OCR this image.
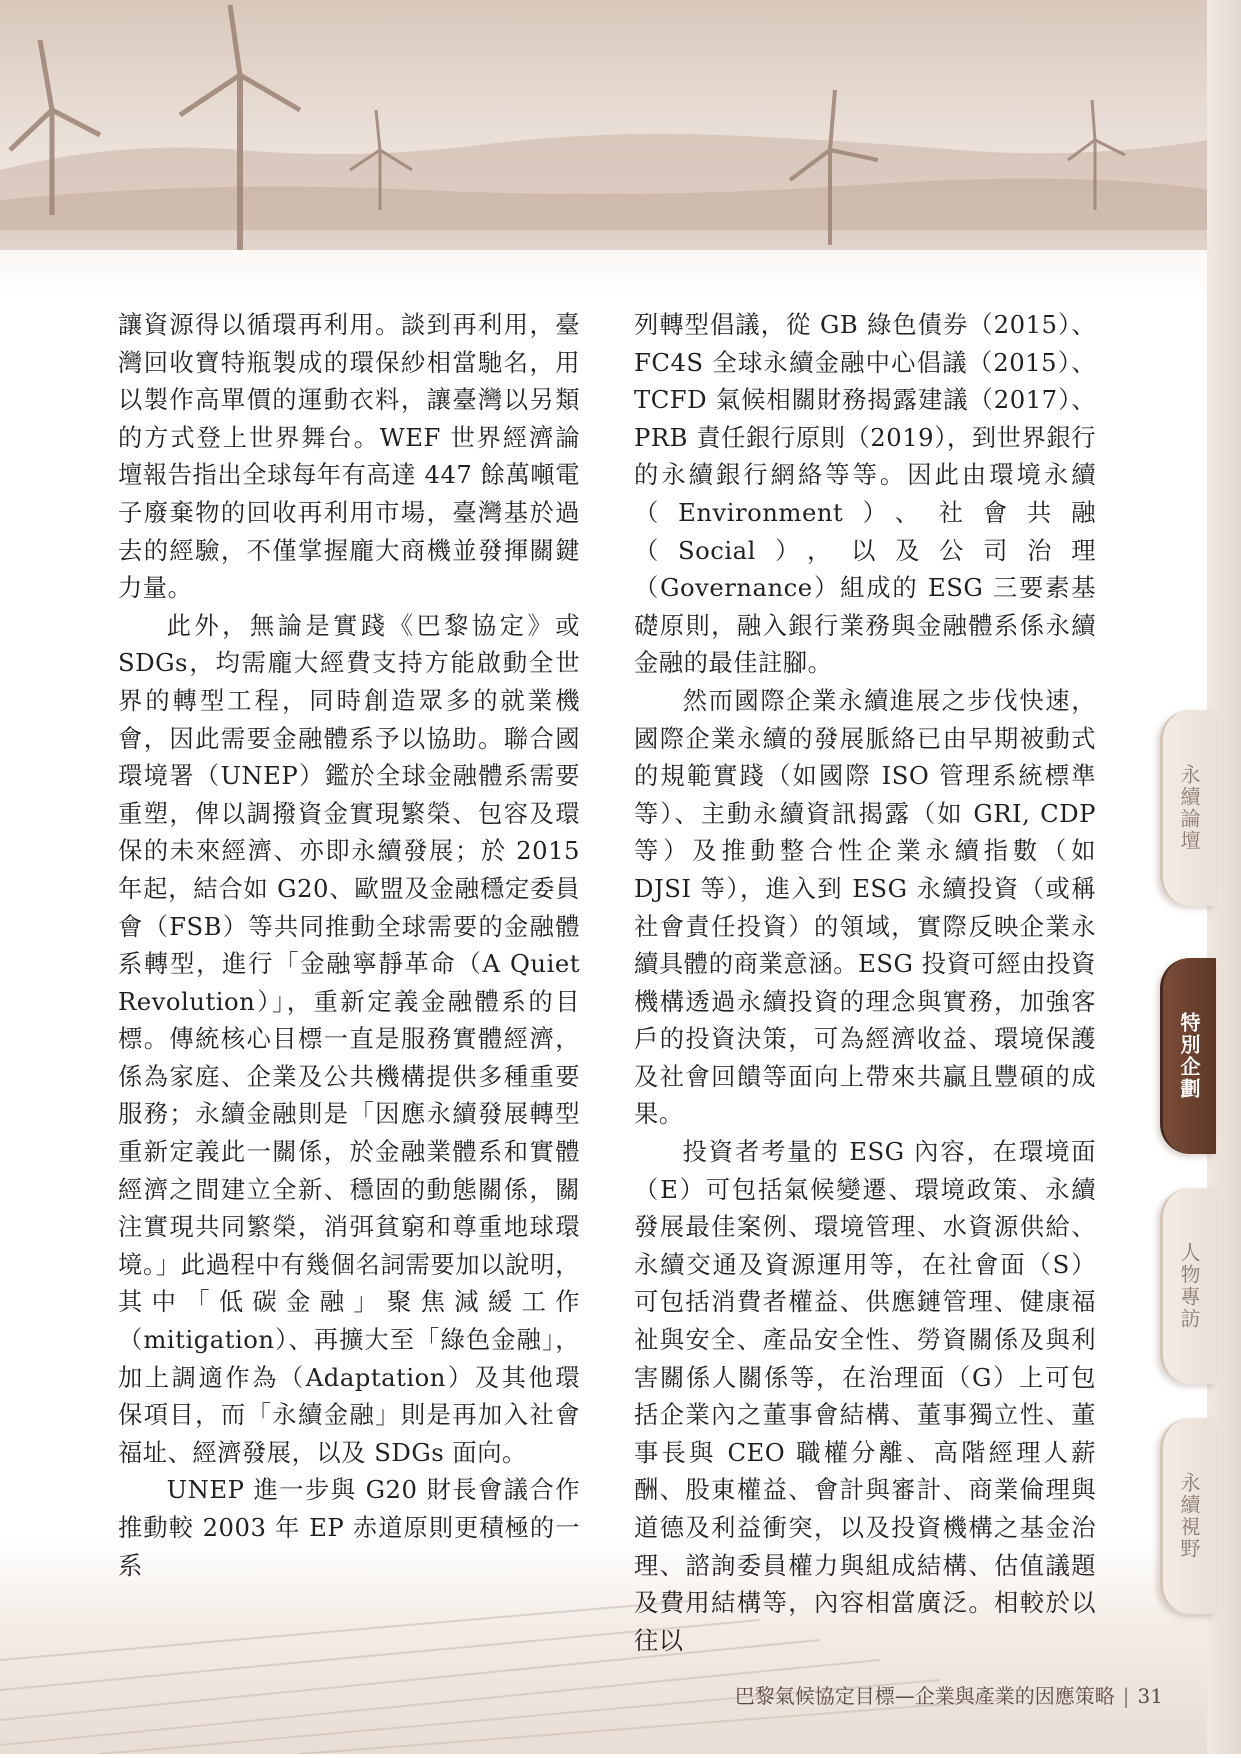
讓資源得以循環再利用。談到再利用，臺灣回收寶特瓶製成的環保紗相當馳名，用以製作高單價的運動衣料，讓臺灣以另類的方式登上世界舞台。WEF 世界經濟論壇報告指出全球每年有高達 447 餘萬噸電子廢棄物的回收再利用市場，臺灣基於過去的經驗，不僅掌握龐大商機並發揮關鍵力量。

此外，無論是實踐《巴黎協定》或 SDGs，均需龐大經費支持方能啟動全世界的轉型工程，同時創造眾多的就業機會，因此需要金融體系予以協助。聯合國環境署（UNEP）鑑於全球金融體系需要重塑，俾以調撥資金實現繁榮、包容及環保的未來經濟、亦即永續發展；於 2015 年起，結合如 G20、歐盟及金融穩定委員會（FSB）等共同推動全球需要的金融體系轉型，進行「金融寧靜革命（A Quiet Revolution）」，重新定義金融體系的目標。傳統核心目標一直是服務實體經濟，係為家庭、企業及公共機構提供多種重要服務；永續金融則是「因應永續發展轉型重新定義此一關係，於金融業體系和實體經濟之間建立全新、穩固的動態關係，關注實現共同繁榮，消弭貧窮和尊重地球環境。」此過程中有幾個名詞需要加以說明，其中「低碳金融」聚焦減緩工作（mitigation）、再擴大至「綠色金融」，加上調適作為（Adaptation）及其他環保項目，而「永續金融」則是再加入社會福址、經濟發展，以及 SDGs 面向。

UNEP 進一步與 G20 財長會議合作推動較 2003 年 EP 赤道原則更積極的一系

列轉型倡議，從 GB 綠色債券（2015）、FC4S 全球永續金融中心倡議（2015）、TCFD 氣候相關財務揭露建議（2017）、PRB 責任銀行原則（2019），到世界銀行的永續銀行網絡等等。因此由環境永續（Environment）、社會共融（Social），以及公司治理（Governance）組成的 ESG 三要素基礎原則，融入銀行業務與金融體系係永續金融的最佳註腳。

然而國際企業永續進展之步伐快速，國際企業永續的發展脈絡已由早期被動式的規範實踐（如國際 ISO 管理系統標準等）、主動永續資訊揭露（如 GRI, CDP 等）及推動整合性企業永續指數（如 DJSI 等），進入到 ESG 永續投資（或稱社會責任投資）的領域，實際反映企業永續具體的商業意涵。ESG 投資可經由投資機構透過永續投資的理念與實務，加強客戶的投資決策，可為經濟收益、環境保護及社會回饋等面向上帶來共贏且豐碩的成果。

投資者考量的 ESG 內容，在環境面（E）可包括氣候變遷、環境政策、永續發展最佳案例、環境管理、水資源供給、永續交通及資源運用等，在社會面（S）可包括消費者權益、供應鏈管理、健康福祉與安全、產品安全性、勞資關係及與利害關係人關係等，在治理面（G）上可包括企業內之董事會結構、董事獨立性、董事長與 CEO 職權分離、高階經理人薪酬、股東權益、會計與審計、商業倫理與道德及利益衝突，以及投資機構之基金治理、諮詢委員權力與組成結構、估值議題及費用結構等，內容相當廣泛。相較於以往以

永續論壇
特別企劃
人物專訪
永續視野
巴黎氣候協定目標—企業與產業的因應策略 | 31
